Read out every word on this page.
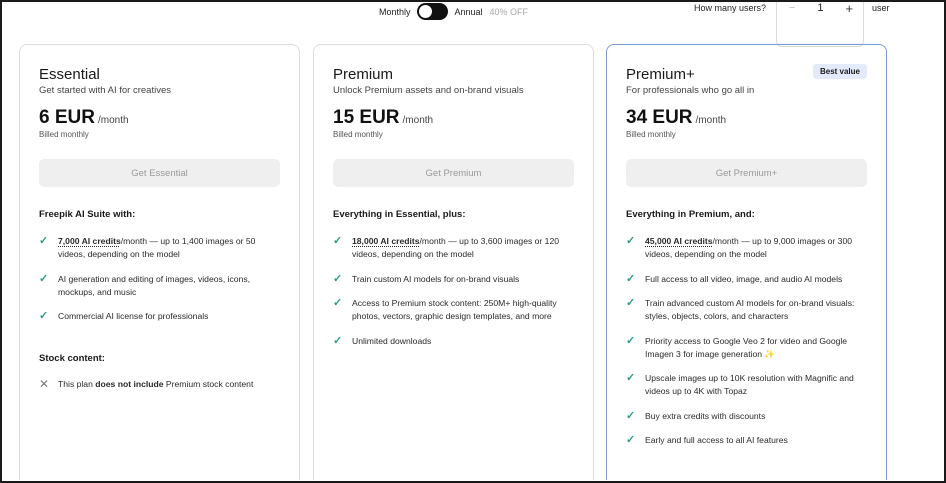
Monthly	Annual 40% OFF	How many users? − 1 + user
Essential
Get started with AI for creatives
6 EUR /month
Billed monthly
Get Essential
Freepik AI Suite with:
✓	7,000 AI credits/month — up to 1,400 images or 50 videos, depending on the model
✓	AI generation and editing of images, videos, icons, mockups, and music
✓	Commercial AI license for professionals
Stock content:
✕ This plan does not include Premium stock content
Premium
Unlock Premium assets and on-brand visuals
15 EUR /month
Billed monthly
Get Premium
Everything in Essential, plus:
✓	18,000 AI credits/month — up to 3,600 images or 120 videos, depending on the model
✓	Train custom AI models for on-brand visuals
✓	Access to Premium stock content: 250M+ high-quality photos, vectors, graphic design templates, and more
✓	Unlimited downloads
Premium+	Best value
For professionals who go all in
34 EUR /month
Billed monthly
Get Premium+
Everything in Premium, and:
✓	45,000 AI credits/month — up to 9,000 images or 300 videos, depending on the model
✓	Full access to all video, image, and audio AI models
✓	Train advanced custom AI models for on-brand visuals: styles, objects, colors, and characters
✓	Priority access to Google Veo 2 for video and Google Imagen 3 for image generation ✨
✓	Upscale images up to 10K resolution with Magnific and videos up to 4K with Topaz
✓	Buy extra credits with discounts
✓	Early and full access to all AI features
